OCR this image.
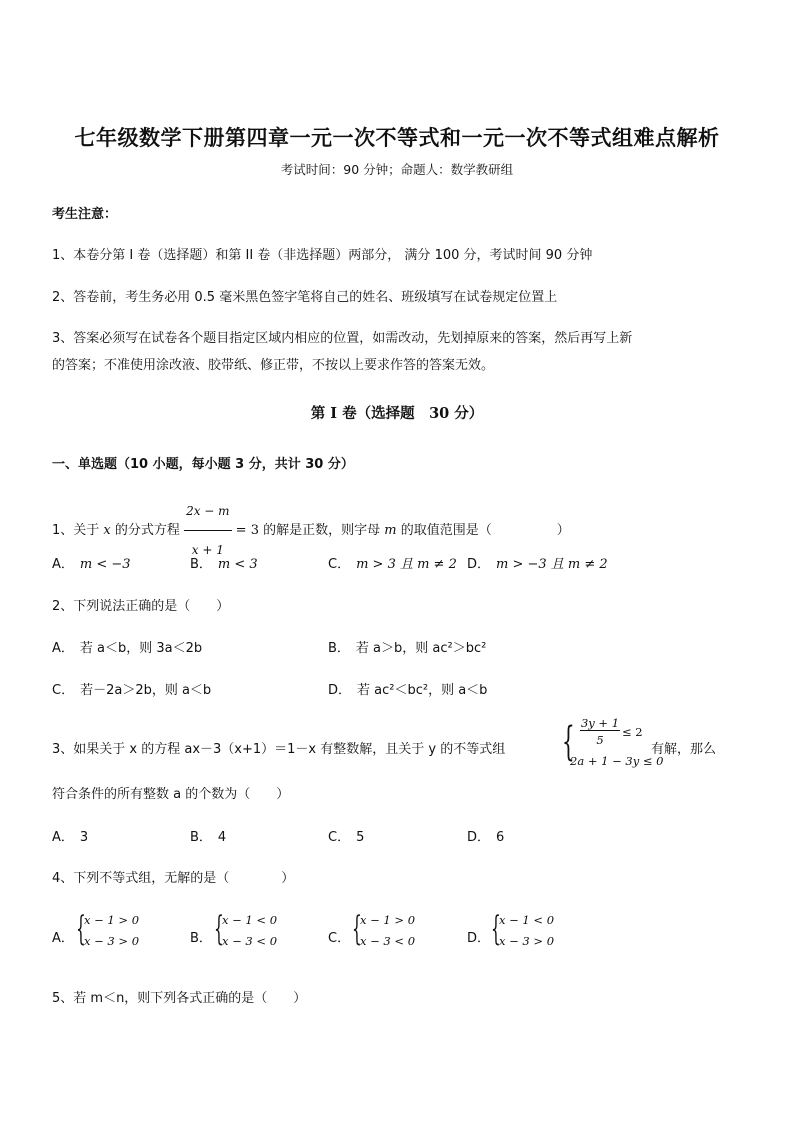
七年级数学下册第四章一元一次不等式和一元一次不等式组难点解析
考试时间：90 分钟；命题人：数学教研组
考生注意：
1、本卷分第 I 卷（选择题）和第 II 卷（非选择题）两部分， 满分 100 分，考试时间 90 分钟
2、答卷前，考生务必用 0.5 毫米黑色签字笔将自己的姓名、班级填写在试卷规定位置上
3、答案必须写在试卷各个题目指定区域内相应的位置，如需改动，先划掉原来的答案，然后再写上新
的答案；不准使用涂改液、胶带纸、修正带，不按以上要求作答的答案无效。
第 I 卷（选择题　30 分）
一、单选题（10 小题，每小题 3 分，共计 30 分）
1、关于 x 的分式方程 $\frac{2x - m}{x + 1} = 3$ 的解是正数，则字母 m 的取值范围是（　　　　　）
A． m < −3	B． m < 3	C． m > 3 且 m ≠ 2 D． m > −3 且 m ≠ 2
2、下列说法正确的是（　　）
A． 若 a＜b，则 3a＜2b	B． 若 a＞b，则 ac²＞bc²
C． 若－2a＞2b，则 a＜b	D． 若 ac²＜bc²，则 a＜b
3、如果关于 x 的方程 ax－3（x+1）＝1－x 有整数解，且关于 y 的不等式组 { 3y + 1
5
≤ 2
2a + 1 − 3y ≤ 0
有解，那么
符合条件的所有整数 a 的个数为（　　）
A． 3	B． 4	C． 5	D． 6
4、下列不等式组，无解的是（　　　　）
A． {
x − 1 > 0
x − 3 > 0	B． {
x − 1 < 0
x − 3 < 0	C． {
x − 1 > 0
x − 3 < 0	D． {
x − 1 < 0
x − 3 > 0
5、若 m＜n，则下列各式正确的是（　　）
